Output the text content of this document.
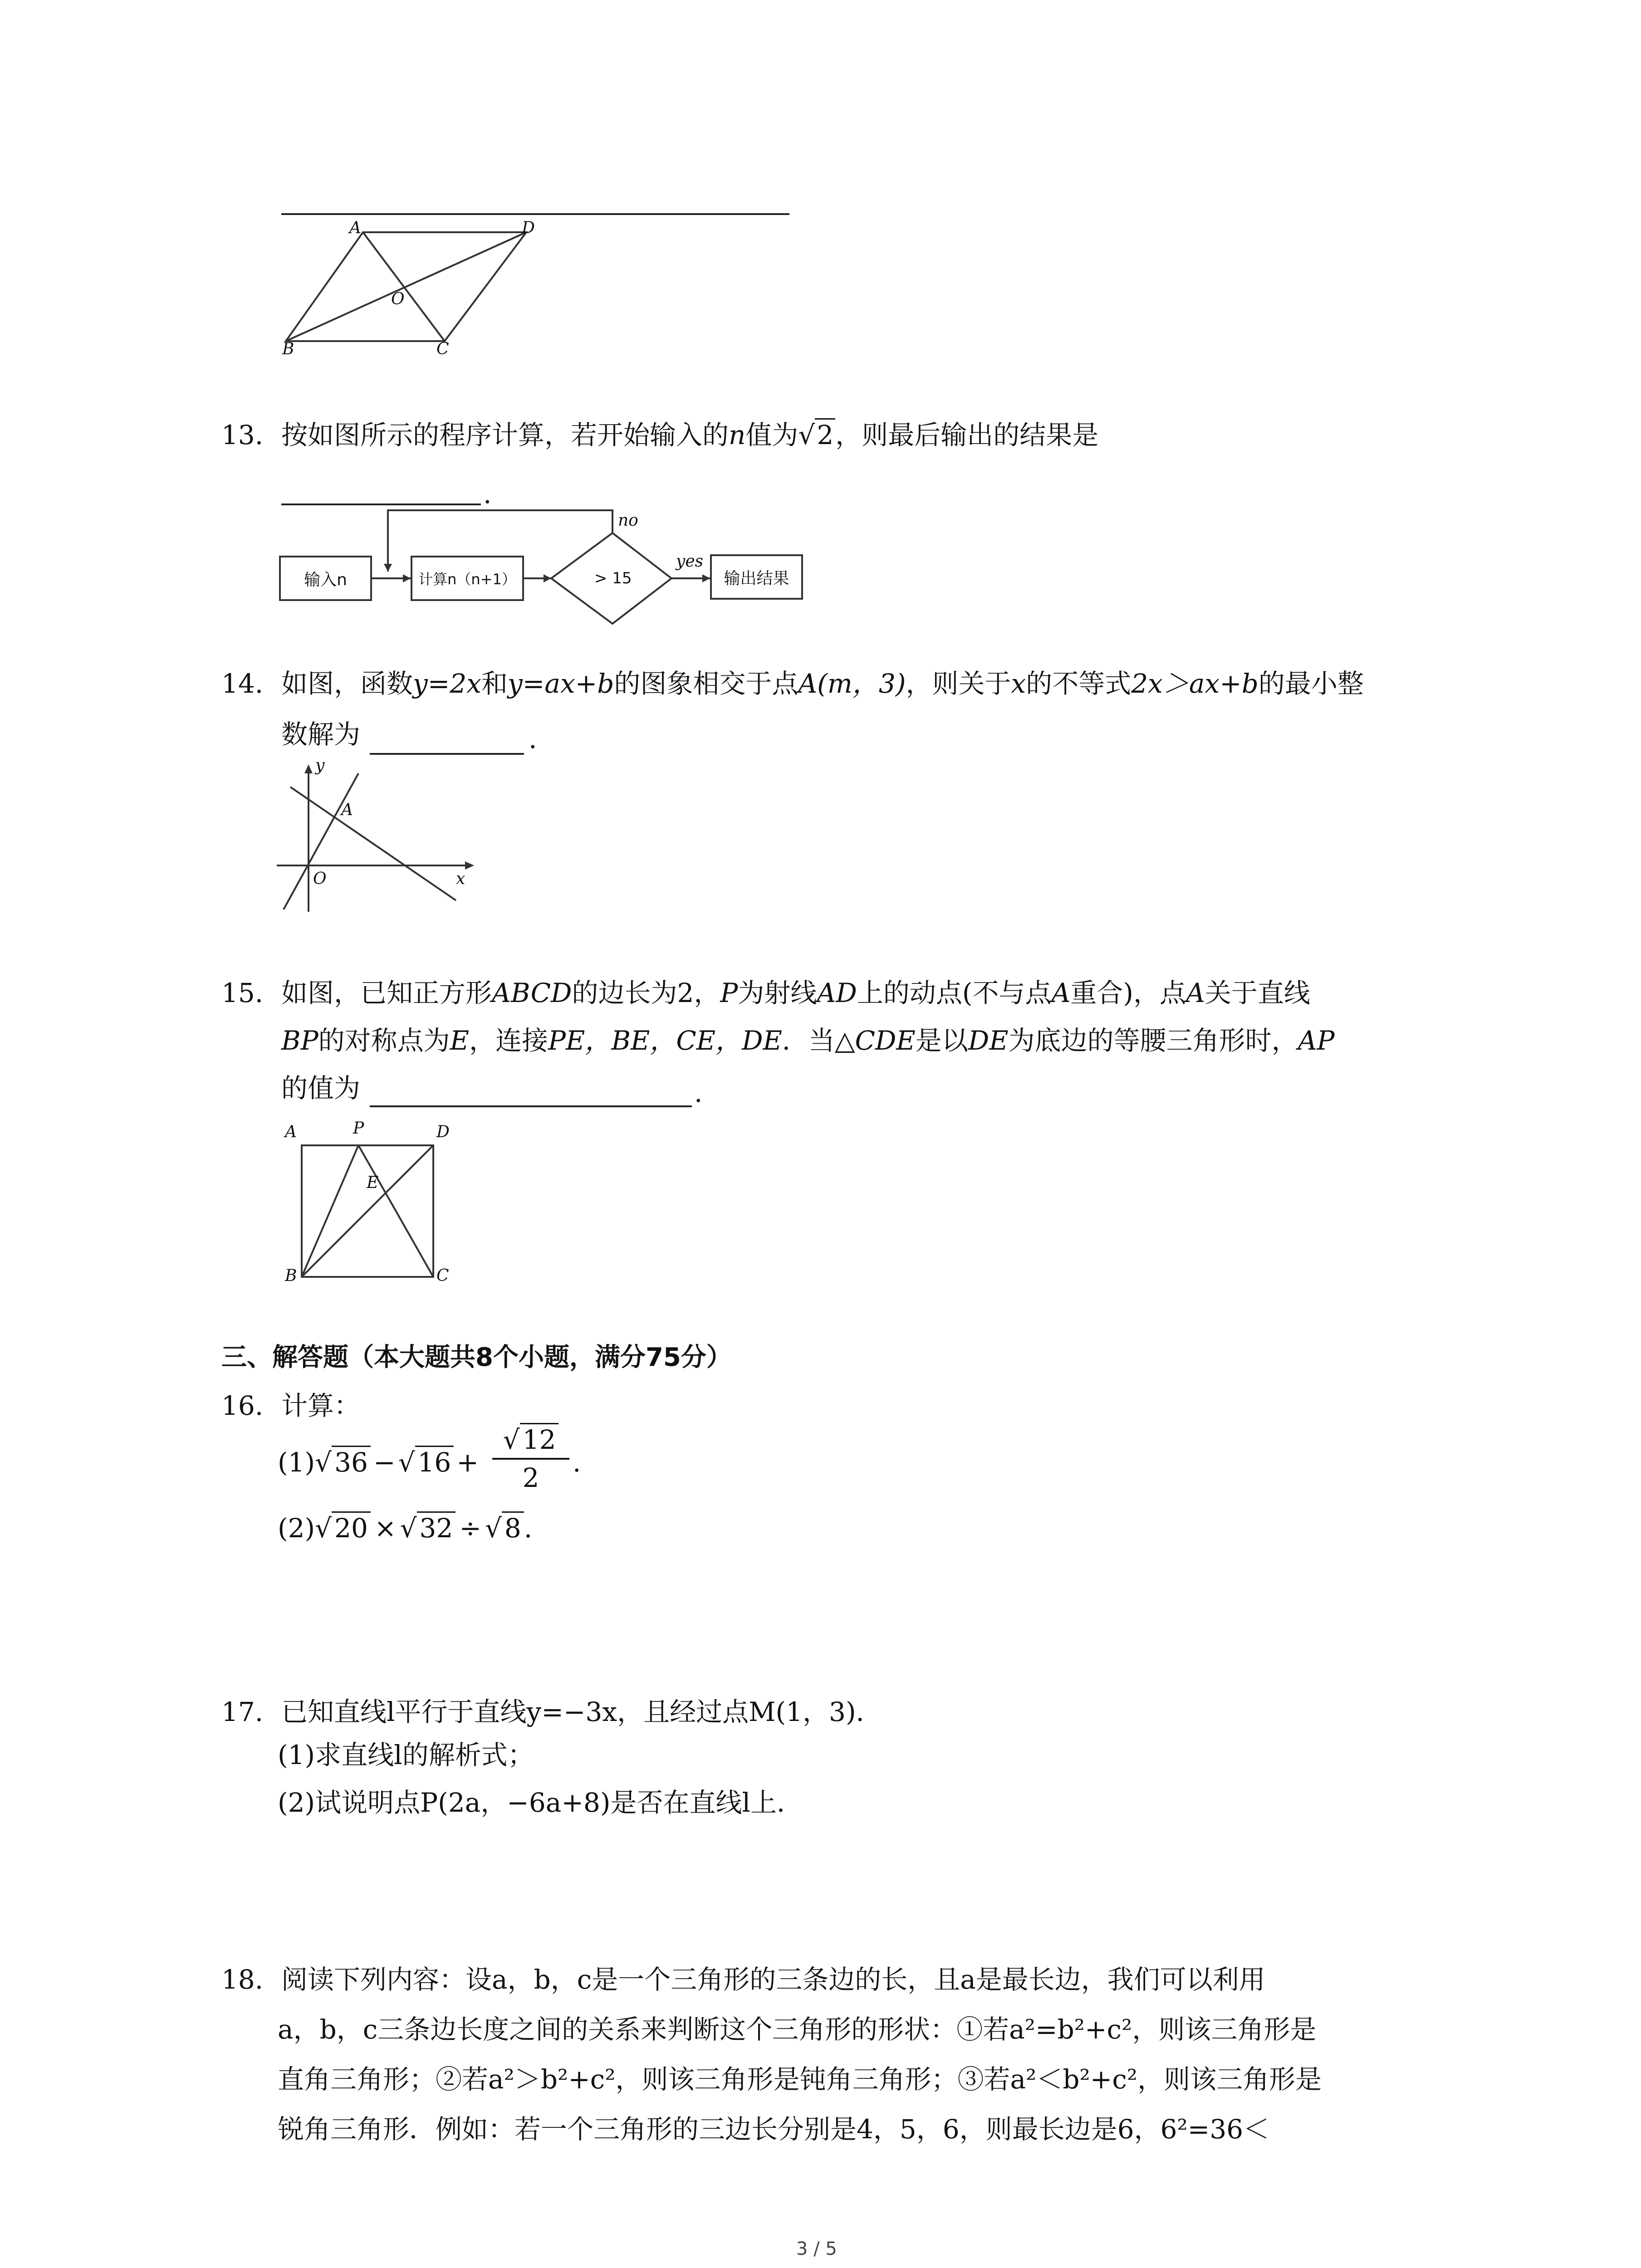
A	D
O
B	C
13. 按如图所示的程序计算，若开始输入的n值为√2，则最后输出的结果是
.
输入n	计算n（n+1）	> 15
no
yes
输出结果
14. 如图，函数y=2x和y=ax+b的图象相交于点A(m，3)，则关于x的不等式2x＞ax+b的最小整
数解为	.
y
A
O	x
15. 如图，已知正方形ABCD的边长为2，P为射线AD上的动点(不与点A重合)，点A关于直线
BP的对称点为E，连接PE，BE，CE，DE．当△CDE是以DE为底边的等腰三角形时，AP
的值为	.
A	P	D
E
B	C
三、解答题（本大题共8个小题，满分75分）
16. 计算：
(1)√ 36 − √ 16 +
√ 12
2	.
(2)√ 20 × √ 32 ÷ √ 8 .
17. 已知直线l平行于直线y=−3x，且经过点M(1，3)．
(1)求直线l的解析式；
(2)试说明点P(2a，−6a+8)是否在直线l上．
18. 阅读下列内容：设a，b，c是一个三角形的三条边的长，且a是最长边，我们可以利用
a，b，c三条边长度之间的关系来判断这个三角形的形状：①若a²=b²+c²，则该三角形是
直角三角形；②若a²＞b²+c²，则该三角形是钝角三角形；③若a²＜b²+c²，则该三角形是
锐角三角形．例如：若一个三角形的三边长分别是4，5，6，则最长边是6，6²=36＜
3 / 5
